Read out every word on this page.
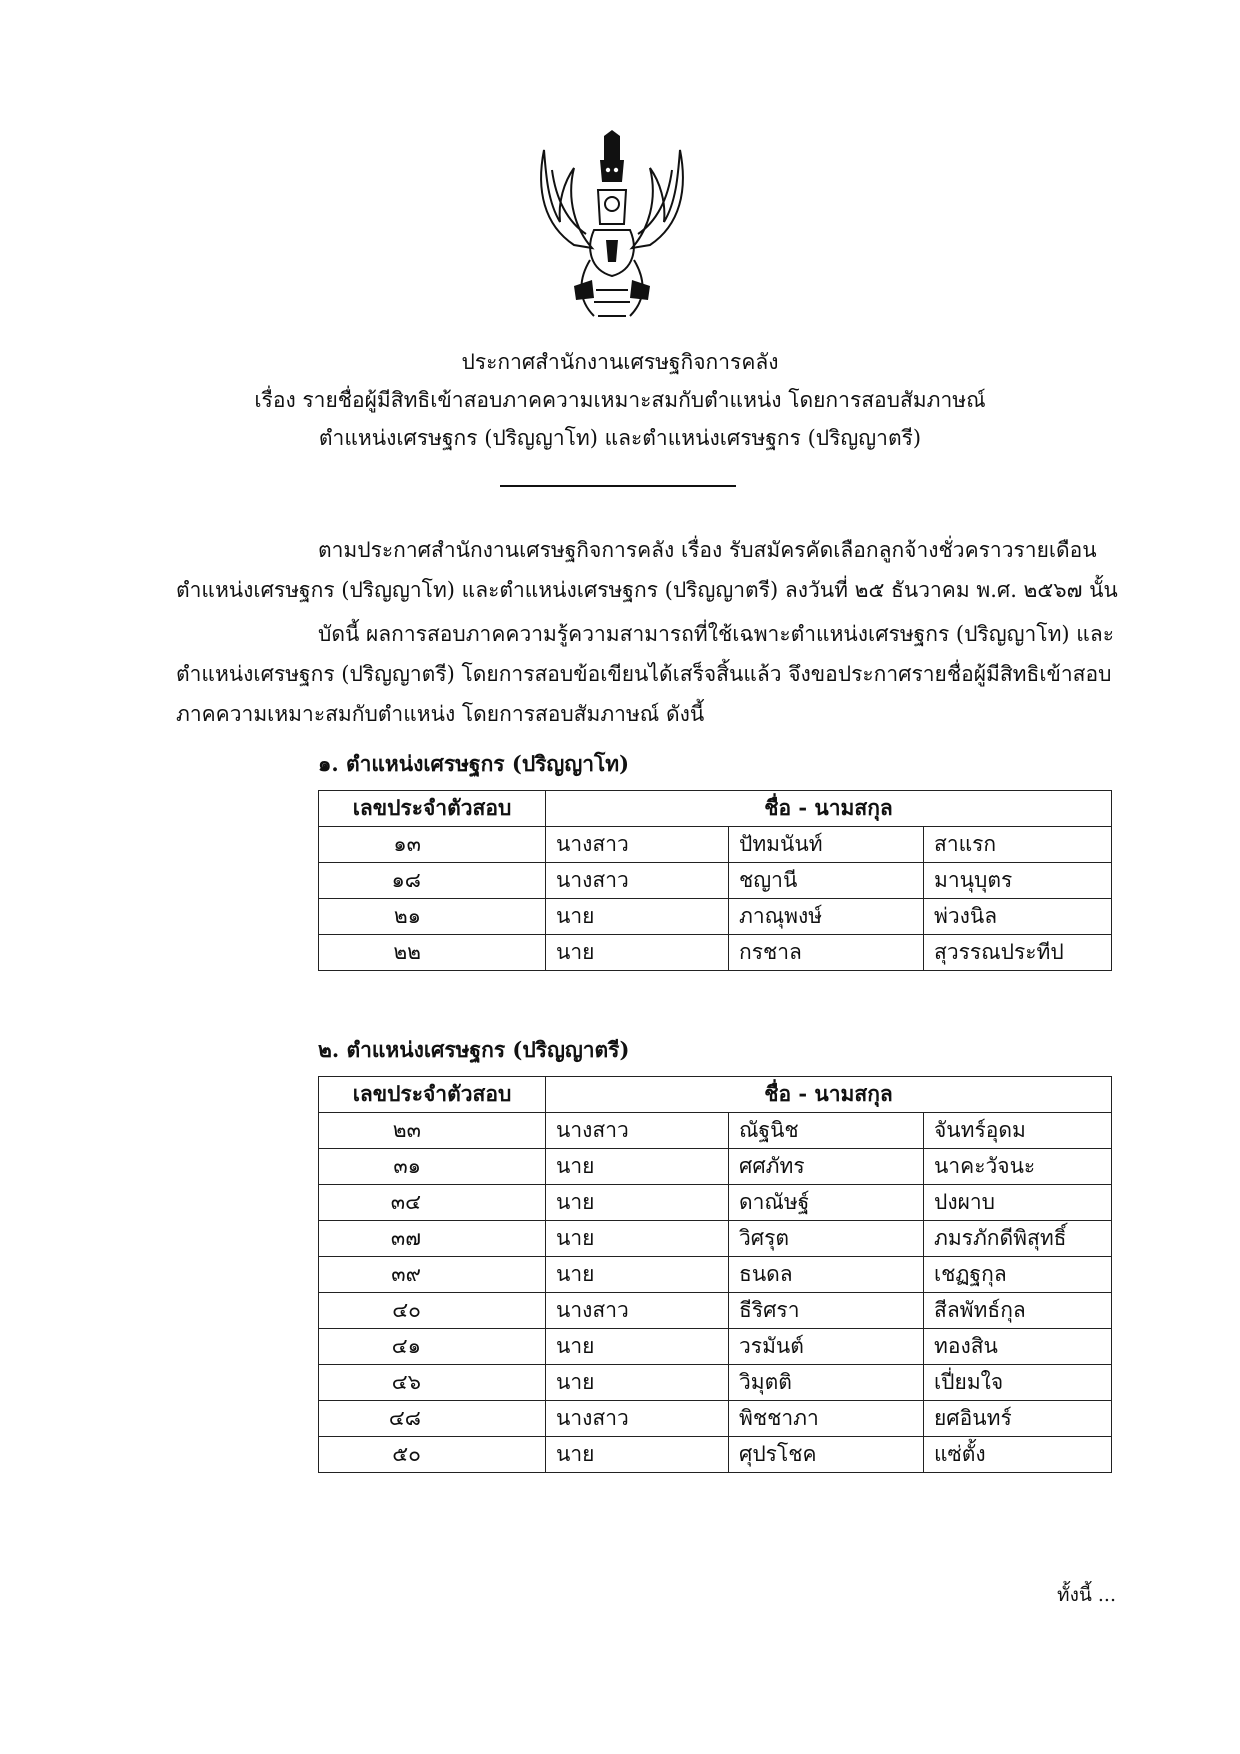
ประกาศสำนักงานเศรษฐกิจการคลัง
เรื่อง รายชื่อผู้มีสิทธิเข้าสอบภาคความเหมาะสมกับตำแหน่ง โดยการสอบสัมภาษณ์
ตำแหน่งเศรษฐกร (ปริญญาโท) และตำแหน่งเศรษฐกร (ปริญญาตรี)

ตามประกาศสำนักงานเศรษฐกิจการคลัง เรื่อง รับสมัครคัดเลือกลูกจ้างชั่วคราวรายเดือน

ตำแหน่งเศรษฐกร (ปริญญาโท) และตำแหน่งเศรษฐกร (ปริญญาตรี) ลงวันที่ ๒๕ ธันวาคม พ.ศ. ๒๕๖๗ นั้น

บัดนี้ ผลการสอบภาคความรู้ความสามารถที่ใช้เฉพาะตำแหน่งเศรษฐกร (ปริญญาโท) และ

ตำแหน่งเศรษฐกร (ปริญญาตรี) โดยการสอบข้อเขียนได้เสร็จสิ้นแล้ว จึงขอประกาศรายชื่อผู้มีสิทธิเข้าสอบ

ภาคความเหมาะสมกับตำแหน่ง โดยการสอบสัมภาษณ์ ดังนี้

๑. ตำแหน่งเศรษฐกร (ปริญญาโท)
เลขประจำตัวสอบ	ชื่อ - นามสกุล		
๑๓	นางสาว	ปัทมนันท์	สาแรก
๑๘	นางสาว	ชญานี	มานุบุตร
๒๑	นาย	ภาณุพงษ์	พ่วงนิล
๒๒	นาย	กรชาล	สุวรรณประทีป
๒. ตำแหน่งเศรษฐกร (ปริญญาตรี)
เลขประจำตัวสอบ	ชื่อ - นามสกุล		
๒๓	นางสาว	ณัฐนิช	จันทร์อุดม
๓๑	นาย	ศศภัทร	นาคะวัจนะ
๓๔	นาย	ดาณัษฐ์	ปงผาบ
๓๗	นาย	วิศรุต	ภมรภักดีพิสุทธิ์
๓๙	นาย	ธนดล	เชฏฐกุล
๔๐	นางสาว	ธีริศรา	สีลพัทธ์กุล
๔๑	นาย	วรมันต์	ทองสิน
๔๖	นาย	วิมุตติ	เปี่ยมใจ
๔๘	นางสาว	พิชชาภา	ยศอินทร์
๕๐	นาย	ศุปรโชค	แซ่ตั้ง
ทั้งนี้ ...
